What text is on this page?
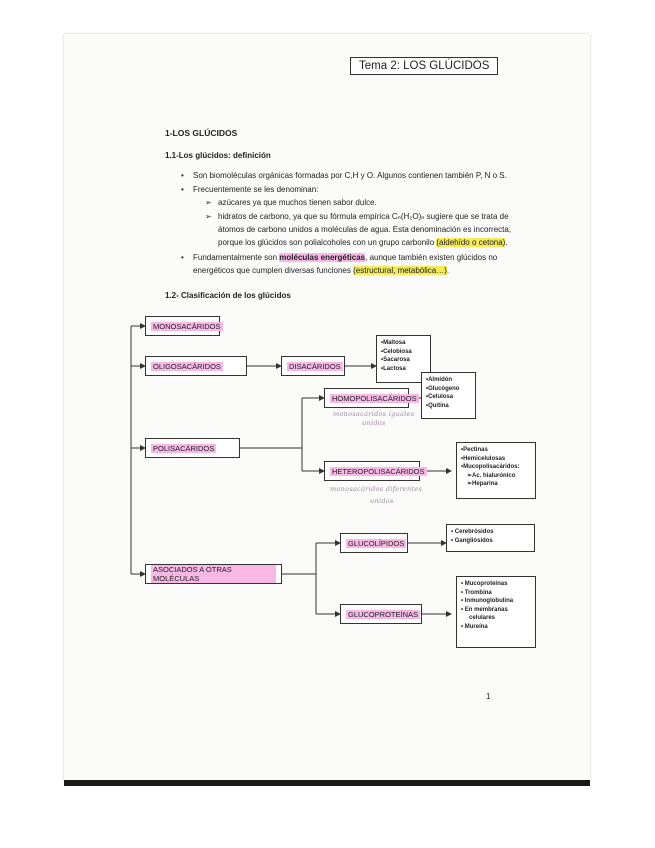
Tema 2: LOS GLÚCIDOS
1-LOS GLÚCIDOS
1.1-Los glúcidos: definición
• Son biomoléculas orgánicas formadas por C,H y O. Algunos contienen también P, N o S.
• Frecuentemente se les denominan:
➢ azúcares ya que muchos tienen sabor dulce.
➢ hidratos de carbono, ya que su fórmula empírica Cₙ(H₂O)ₙ sugiere que se trata de
átomos de carbono unidos a moléculas de agua. Esta denominación es incorrecta,
porque los glúcidos son polialcoholes con un grupo carbonilo (aldehído o cetona).
• Fundamentalmente son moléculas energéticas, aunque también existen glúcidos no
energéticos que cumplen diversas funciones (estructural, metabólica…).
1.2- Clasificación de los glúcidos
MONOSACÁRIDOS
OLIGOSACÁRIDOS	DISACÁRIDOS
•Maltosa
•Celobiosa
•Sacarosa
•Lactosa
POLISACÁRIDOS
HOMOPOLISACÁRIDOS
monosacáridos iguales
unidos
•Almidón
•Glucógeno
•Celulosa
•Quitina
HETEROPOLISACÁRIDOS
monosacáridos diferentes
unidos
•Pectinas
•Hemicelulosas
•Mucopolisacáridos:
➢Ac. hialurónico
➢Heparina
ASOCIADOS A OTRAS MOLÉCULAS
GLUCOLÍPIDOS
• Cerebrósidos
• Gangliósidos
GLUCOPROTEÍNAS
• Mucoproteínas
• Trombina
• Inmunoglobulina
• En membranas
celulares
• Mureína
1
